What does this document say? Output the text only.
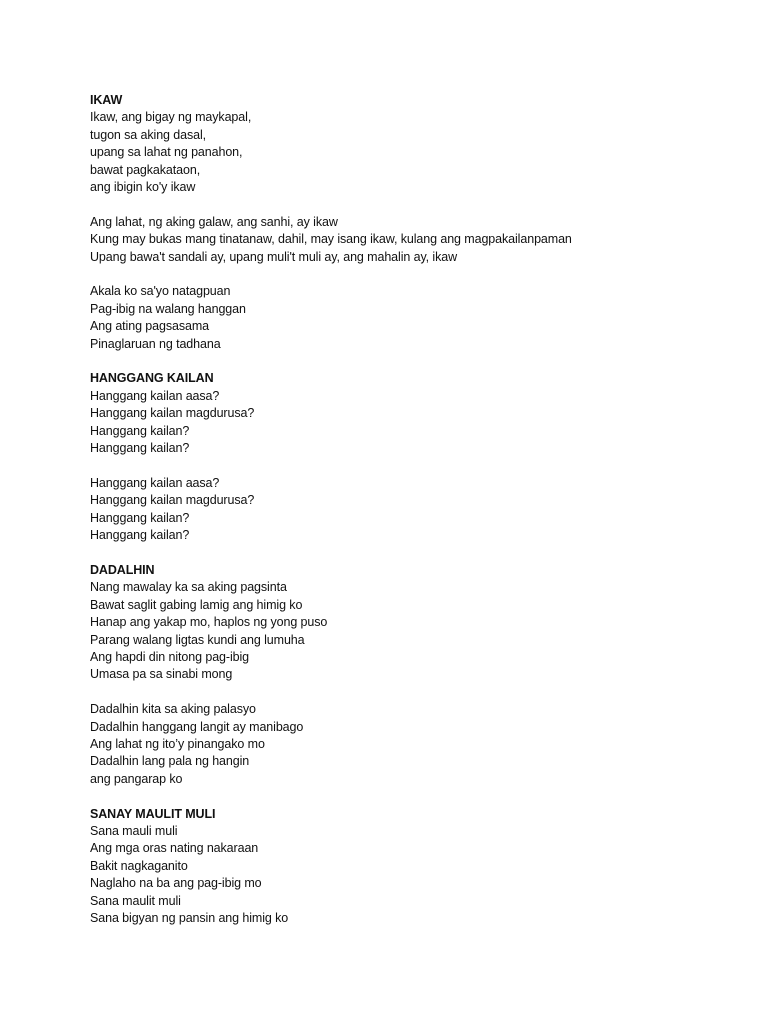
IKAW
Ikaw, ang bigay ng maykapal,
tugon sa aking dasal,
upang sa lahat ng panahon,
bawat pagkakataon,
ang ibigin ko'y ikaw
Ang lahat, ng aking galaw, ang sanhi, ay ikaw
Kung may bukas mang tinatanaw, dahil, may isang ikaw, kulang ang magpakailanpaman
Upang bawa't sandali ay, upang muli't muli ay, ang mahalin ay, ikaw
Akala ko sa'yo natagpuan
Pag-ibig na walang hanggan
Ang ating pagsasama
Pinaglaruan ng tadhana
HANGGANG KAILAN
Hanggang kailan aasa?
Hanggang kailan magdurusa?
Hanggang kailan?
Hanggang kailan?
Hanggang kailan aasa?
Hanggang kailan magdurusa?
Hanggang kailan?
Hanggang kailan?
DADALHIN
Nang mawalay ka sa aking pagsinta
Bawat saglit gabing lamig ang himig ko
Hanap ang yakap mo, haplos ng yong puso
Parang walang ligtas kundi ang lumuha
Ang hapdi din nitong pag-ibig
Umasa pa sa sinabi mong
Dadalhin kita sa aking palasyo
Dadalhin hanggang langit ay manibago
Ang lahat ng ito’y pinangako mo
Dadalhin lang pala ng hangin
ang pangarap ko
SANAY MAULIT MULI
Sana mauli muli
Ang mga oras nating nakaraan
Bakit nagkaganito
Naglaho na ba ang pag-ibig mo
Sana maulit muli
Sana bigyan ng pansin ang himig ko
